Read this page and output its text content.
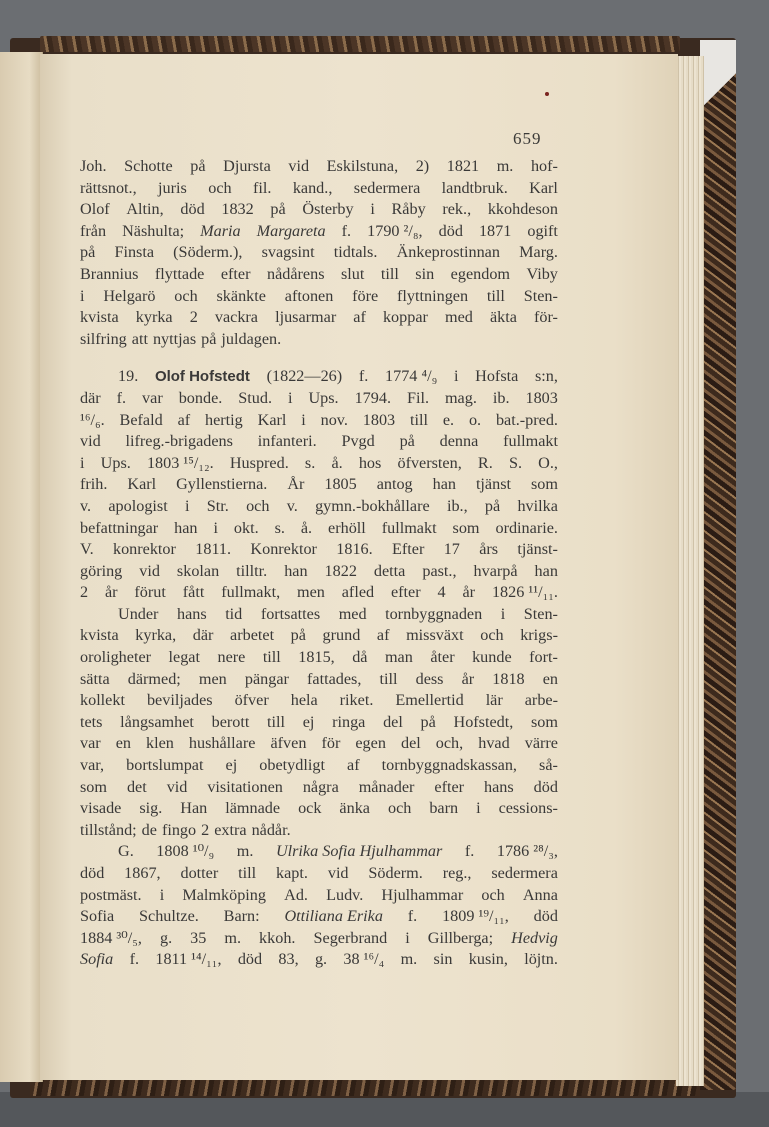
659
Joh. Schotte på Djursta vid Eskilstuna, 2) 1821 m. hof-
rättsnot., juris och fil. kand., sedermera landtbruk. Karl
Olof Altin, död 1832 på Österby i Råby rek., kkohdeson
från Näshulta; Maria Margareta f. 1790 ²/₈, död 1871 ogift
på Finsta (Söderm.), svagsint tidtals. Änkeprostinnan Marg.
Brannius flyttade efter nådårens slut till sin egendom Viby
i Helgarö och skänkte aftonen före flyttningen till Sten-
kvista kyrka 2 vackra ljusarmar af koppar med äkta för-
silfring att nyttjas på juldagen.
19. Olof Hofstedt (1822—26) f. 1774 ⁴/₉ i Hofsta s:n,
där f. var bonde. Stud. i Ups. 1794. Fil. mag. ib. 1803
¹⁶/₆. Befald af hertig Karl i nov. 1803 till e. o. bat.-pred.
vid lifreg.-brigadens infanteri. Pvgd på denna fullmakt
i Ups. 1803 ¹⁵/₁₂. Huspred. s. å. hos öfversten, R. S. O.,
frih. Karl Gyllenstierna. År 1805 antog han tjänst som
v. apologist i Str. och v. gymn.-bokhållare ib., på hvilka
befattningar han i okt. s. å. erhöll fullmakt som ordinarie.
V. konrektor 1811. Konrektor 1816. Efter 17 års tjänst-
göring vid skolan tilltr. han 1822 detta past., hvarpå han
2 år förut fått fullmakt, men afled efter 4 år 1826 ¹¹/₁₁.
Under hans tid fortsattes med tornbyggnaden i Sten-
kvista kyrka, där arbetet på grund af missväxt och krigs-
oroligheter legat nere till 1815, då man åter kunde fort-
sätta därmed; men pängar fattades, till dess år 1818 en
kollekt beviljades öfver hela riket. Emellertid lär arbe-
tets långsamhet berott till ej ringa del på Hofstedt, som
var en klen hushållare äfven för egen del och, hvad värre
var, bortslumpat ej obetydligt af tornbyggnadskassan, så-
som det vid visitationen några månader efter hans död
visade sig. Han lämnade ock änka och barn i cessions-
tillstånd; de fingo 2 extra nådår.
G. 1808 ¹⁰/₉ m. Ulrika Sofia Hjulhammar f. 1786 ²⁸/₃,
död 1867, dotter till kapt. vid Söderm. reg., sedermera
postmäst. i Malmköping Ad. Ludv. Hjulhammar och Anna
Sofia Schultze. Barn: Ottiliana Erika f. 1809 ¹⁹/₁₁, död
1884 ³⁰/₅, g. 35 m. kkoh. Segerbrand i Gillberga; Hedvig
Sofia f. 1811 ¹⁴/₁₁, död 83, g. 38 ¹⁶/₄ m. sin kusin, löjtn.
